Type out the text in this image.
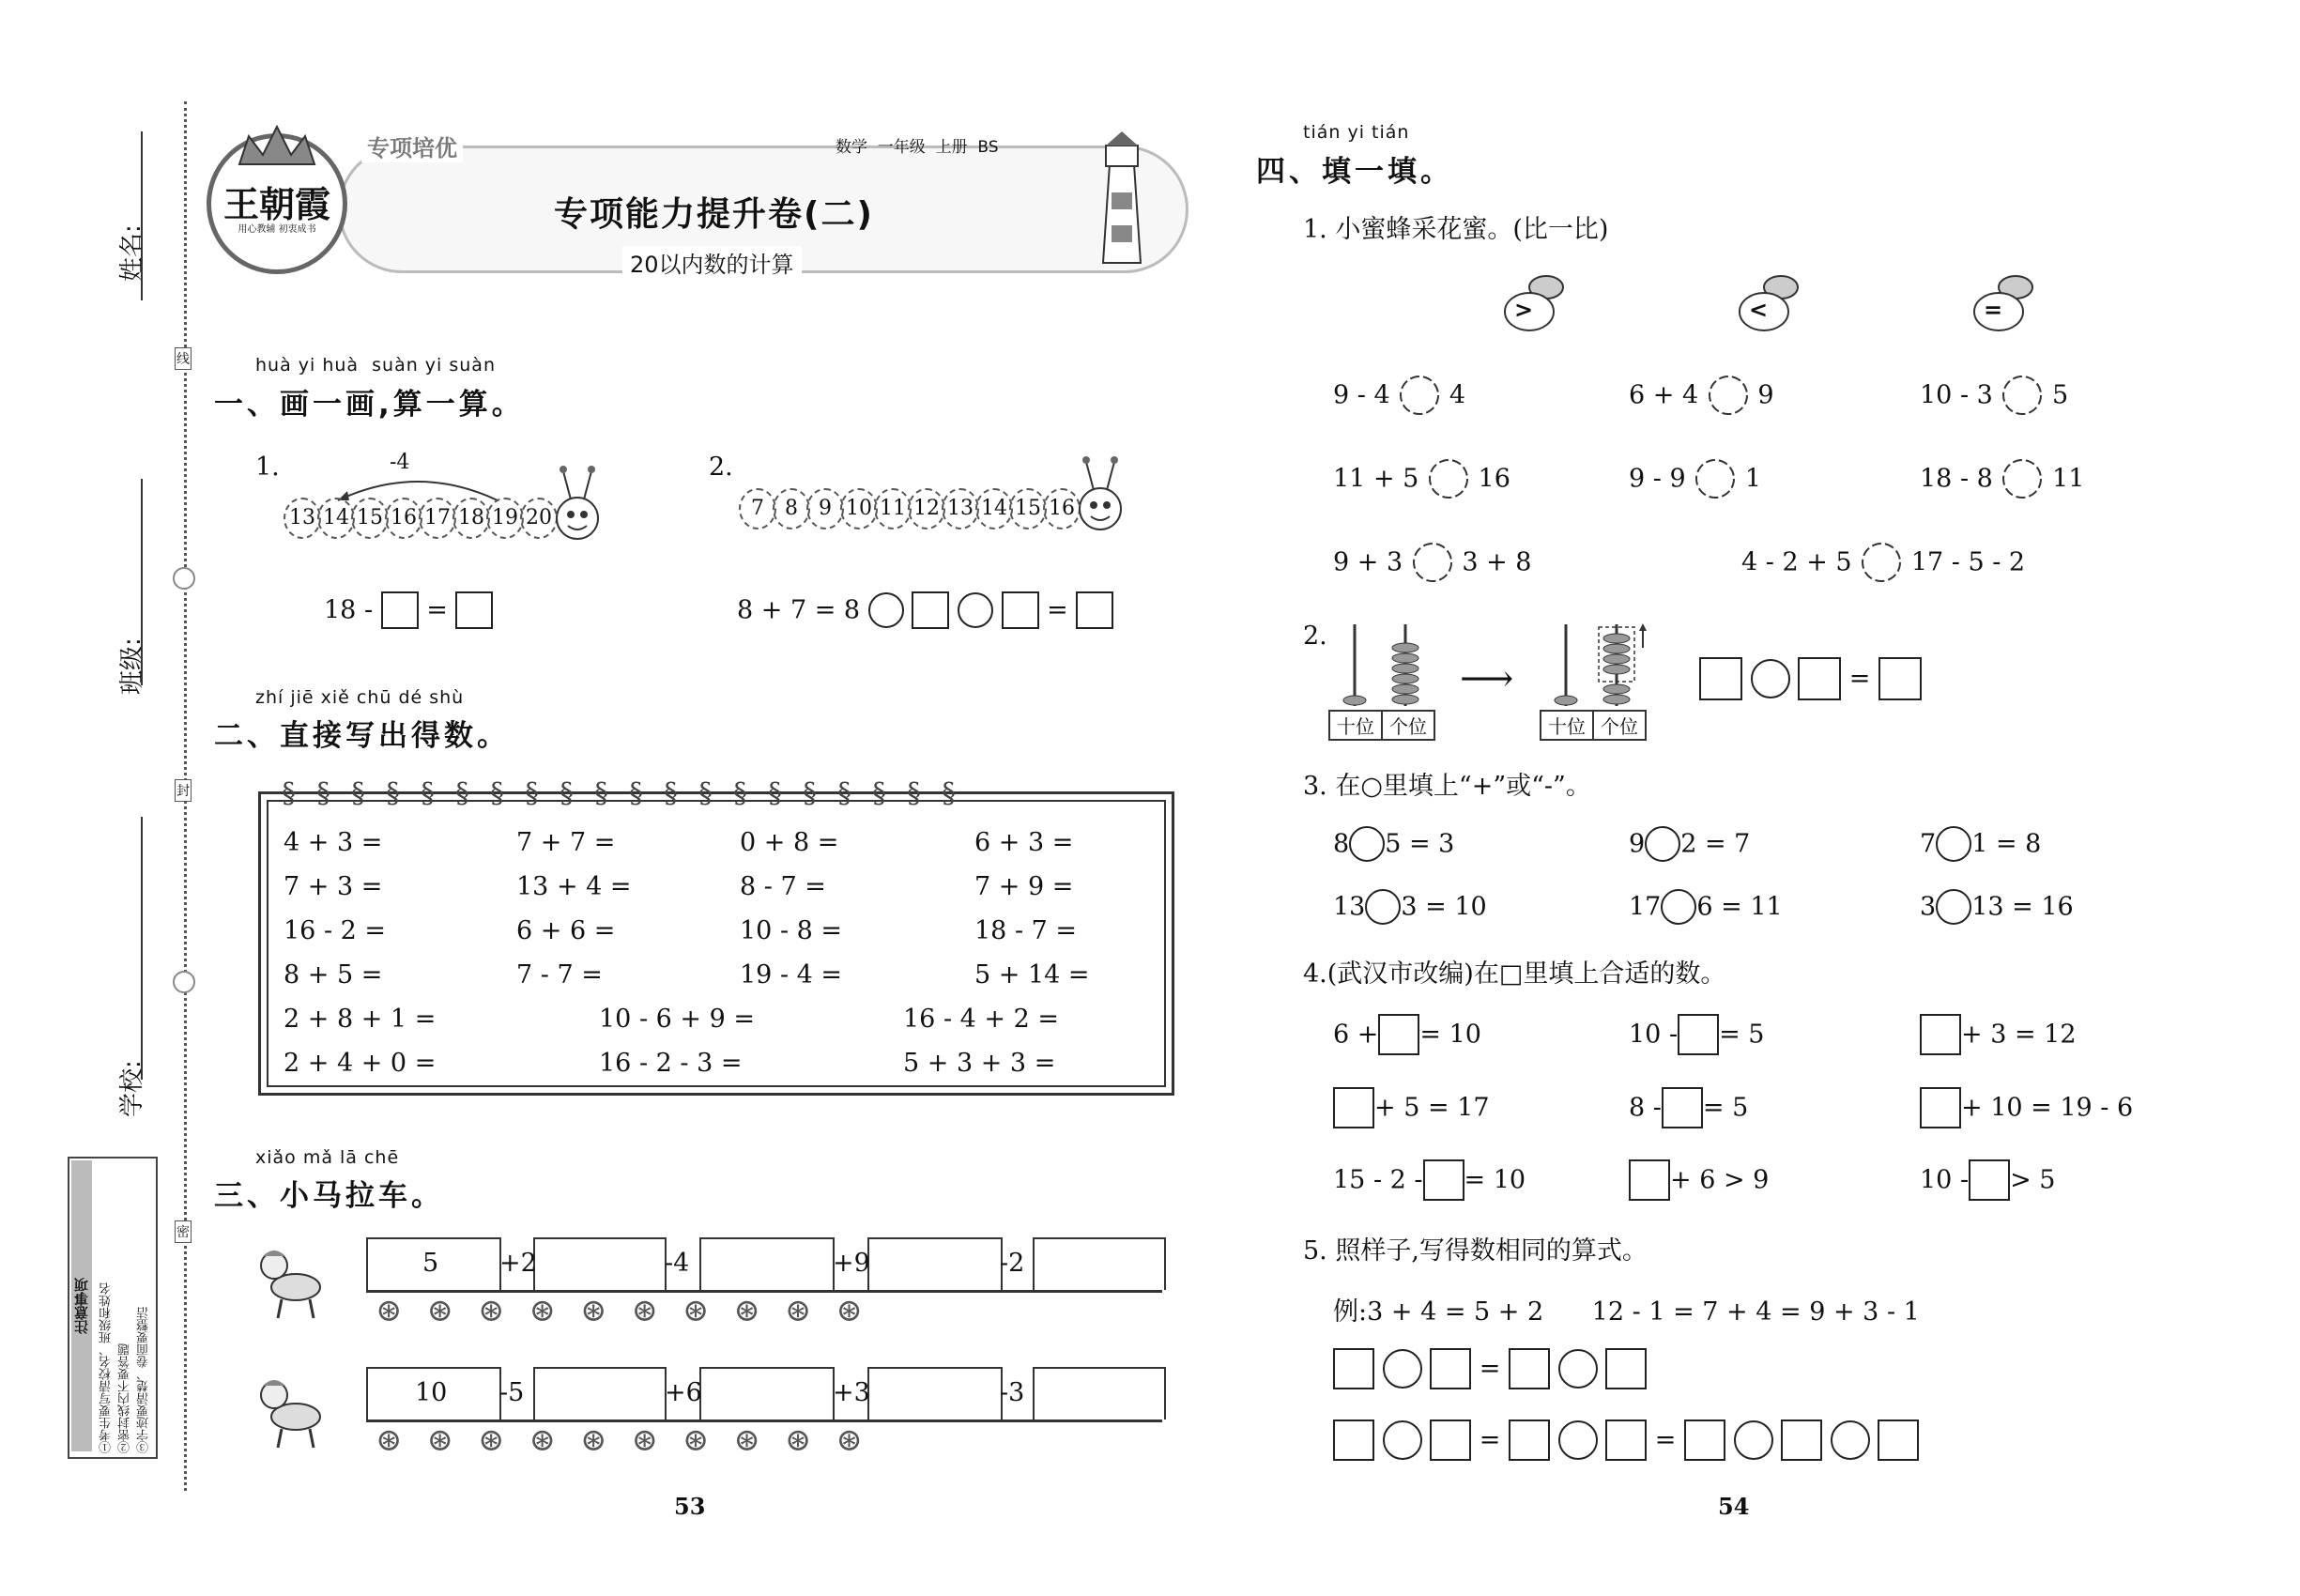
姓名:
班级:
学校:
线
封
密
注意事项 ①考生要写清校名、班级和姓名 ②密封线内不要答题 ③字迹要清楚、卷面要整洁
王朝霞
用心教辅 初衷成书
专项培优	数学  一年级  上册  BS
专项能力提升卷(二)
20以内数的计算
huà yi huà  suàn yi suàn
一、画一画,算一算。
1.	-4
13 14 15 16 17 18 19 20
18 - =
2.
7	8	9 10 11 12 13 14 15 16
8 + 7 = 8	=
zhí jiē xiě chū dé shù
二、直接写出得数。
§§§§§§§§§§§§§§§§§§§§
4 + 3 =	7 + 7 =	0 + 8 =	6 + 3 =
7 + 3 =	13 + 4 =	8 - 7 =	7 + 9 =
16 - 2 =	6 + 6 =	10 - 8 =	18 - 7 =
8 + 5 =	7 - 7 =	19 - 4 =	5 + 14 =
2 + 8 + 1 =	10 - 6 + 9 =	16 - 4 + 2 =
2 + 4 + 0 =	16 - 2 - 3 =	5 + 3 + 3 =
xiǎo mǎ lā chē
三、小马拉车。
5 +2	-4	+9	-2
⊛⊛⊛⊛⊛⊛⊛⊛⊛⊛
10 -5	+6	+3	-3
⊛⊛⊛⊛⊛⊛⊛⊛⊛⊛
53	54
tián yi tián
四、填一填。
1. 小蜜蜂采花蜜。(比一比)
>	<	=
9 - 4 4	6 + 4 9	10 - 3 5
11 + 5 16	9 - 9 1	18 - 8 11
9 + 3 3 + 8	4 - 2 + 5 17 - 5 - 2
2.
十位 个位
⟶
十位 个位
=
3. 在○里填上“+”或“-”。
8 5 = 3	9 2 = 7	7 1 = 8
13 3 = 10	17 6 = 11	3 13 = 16
4.(武汉市改编)在□里填上合适的数。
6 + = 10	10 - = 5	+ 3 = 12
+ 5 = 17	8 - = 5	+ 10 = 19 - 6
15 - 2 - = 10	+ 6 > 9	10 - > 5
5. 照样子,写得数相同的算式。
例:3 + 4 = 5 + 2      12 - 1 = 7 + 4 = 9 + 3 - 1
=
=	=
